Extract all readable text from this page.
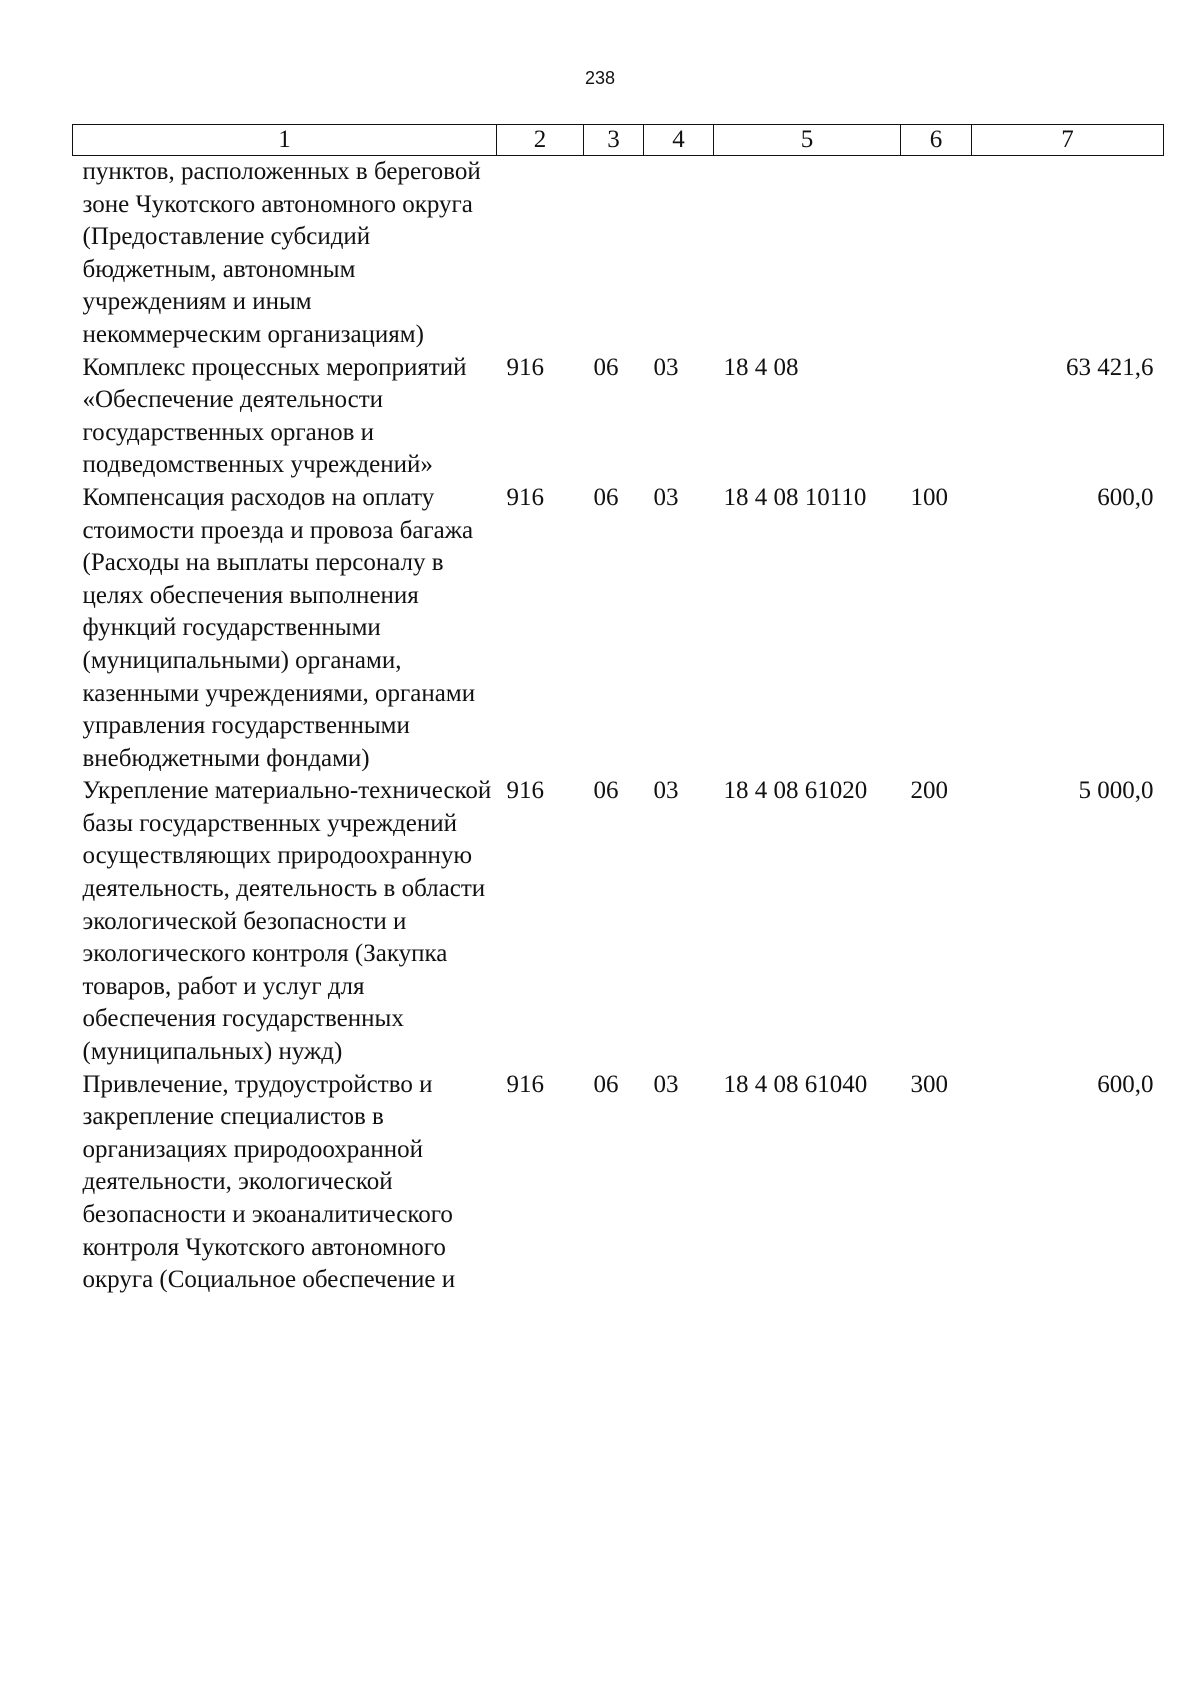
238
1	2	3	4	5	6	7
пунктов, расположенных в береговой зоне Чукотского автономного округа (Предоставление субсидий бюджетным, автономным учреждениям и иным некоммерческим организациям)						
Комплекс процессных мероприятий «Обеспечение деятельности государственных органов и подведомственных учреждений»	916	06	03	18 4 08		63 421,6
Компенсация расходов на оплату стоимости проезда и провоза багажа (Расходы на выплаты персоналу в целях обеспечения выполнения функций государственными (муниципальными) органами, казенными учреждениями, органами управления государственными внебюджетными фондами)	916	06	03	18 4 08 10110	100	600,0
Укрепление материально-технической базы государственных учреждений осуществляющих природоохранную деятельность, деятельность в области экологической безопасности и экологического контроля (Закупка товаров, работ и услуг для обеспечения государственных (муниципальных) нужд)	916	06	03	18 4 08 61020	200	5 000,0
Привлечение, трудоустройство и закрепление специалистов в организациях природоохранной деятельности, экологической безопасности и экоаналитического контроля Чукотского автономного округа (Социальное обеспечение и	916	06	03	18 4 08 61040	300	600,0
